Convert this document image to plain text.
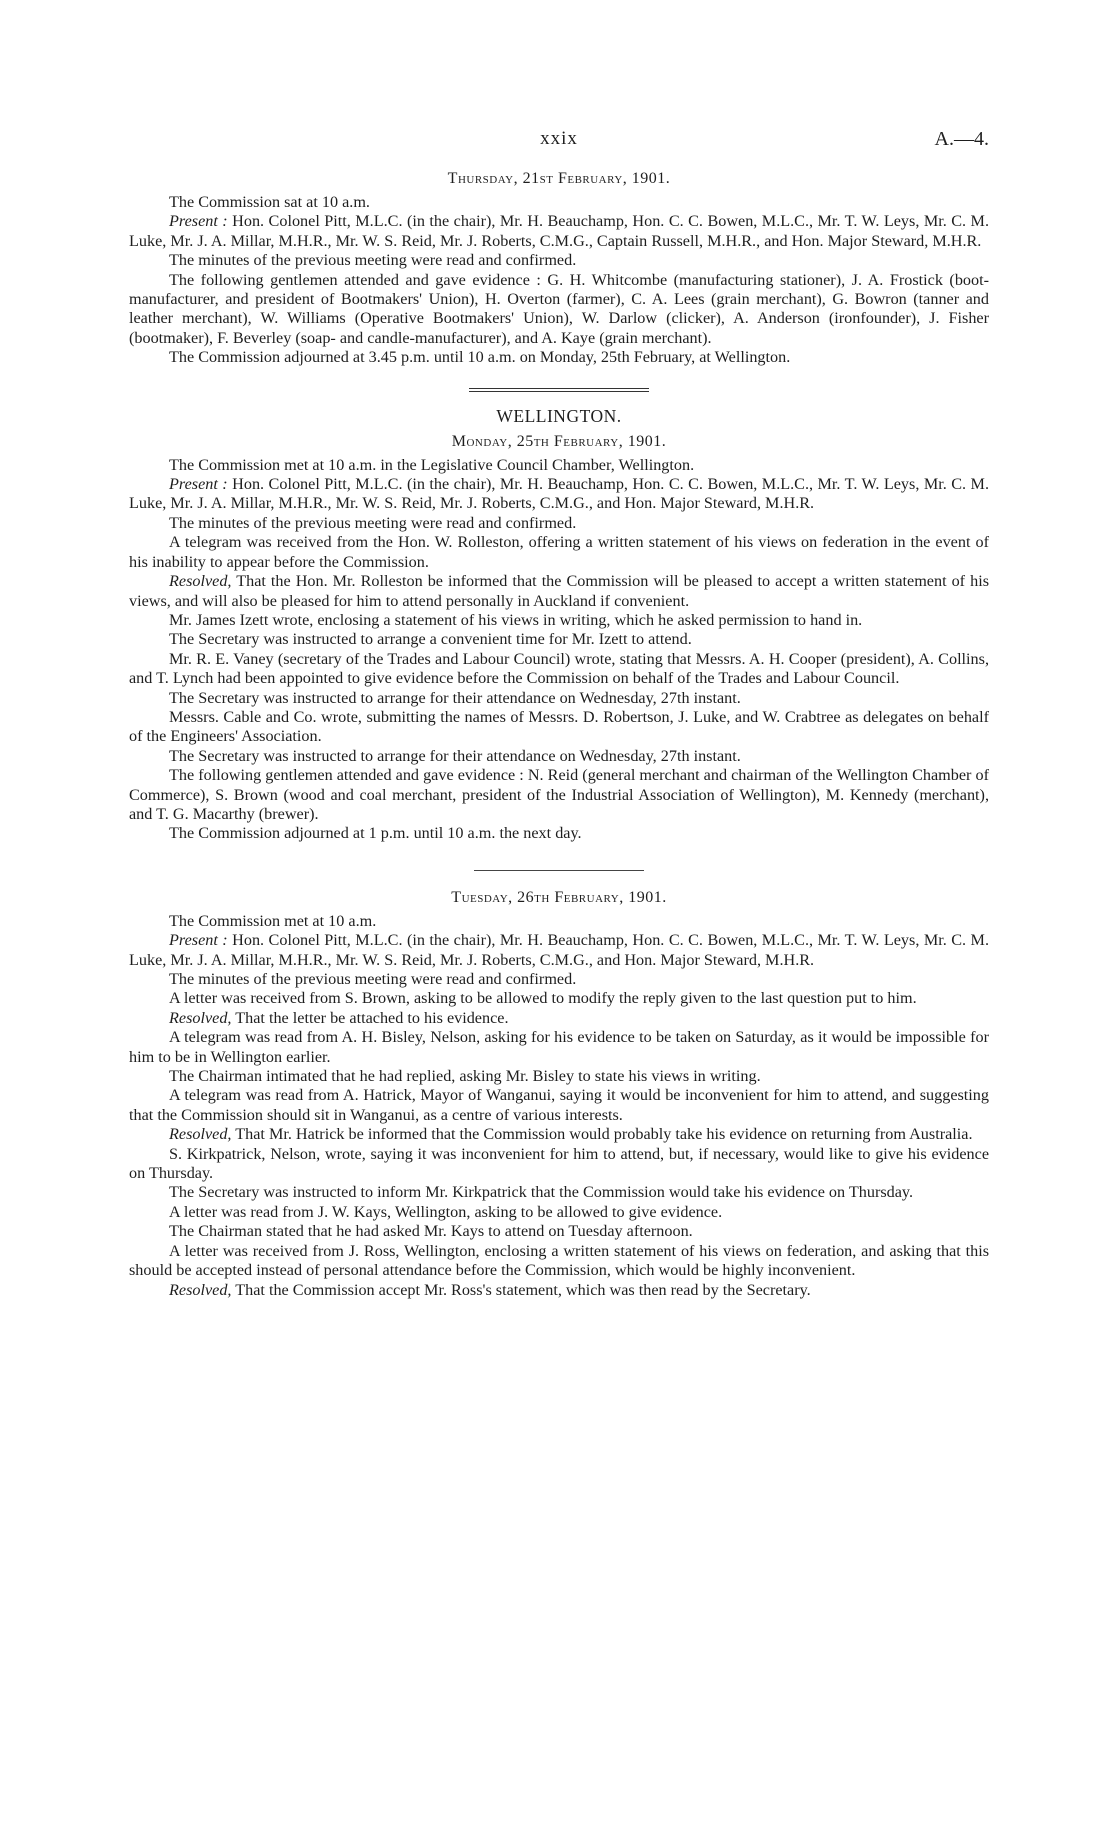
xxix	A.—4.
Thursday, 21st February, 1901.

The Commission sat at 10 a.m.

Present : Hon. Colonel Pitt, M.L.C. (in the chair), Mr. H. Beauchamp, Hon. C. C. Bowen, M.L.C., Mr. T. W. Leys, Mr. C. M. Luke, Mr. J. A. Millar, M.H.R., Mr. W. S. Reid, Mr. J. Roberts, C.M.G., Captain Russell, M.H.R., and Hon. Major Steward, M.H.R.

The minutes of the previous meeting were read and confirmed.

The following gentlemen attended and gave evidence : G. H. Whitcombe (manufacturing stationer), J. A. Frostick (boot-manufacturer, and president of Bootmakers' Union), H. Overton (farmer), C. A. Lees (grain merchant), G. Bowron (tanner and leather merchant), W. Williams (Operative Bootmakers' Union), W. Darlow (clicker), A. Anderson (ironfounder), J. Fisher (bootmaker), F. Beverley (soap- and candle-manufacturer), and A. Kaye (grain merchant).

The Commission adjourned at 3.45 p.m. until 10 a.m. on Monday, 25th February, at Wellington.

WELLINGTON.
Monday, 25th February, 1901.

The Commission met at 10 a.m. in the Legislative Council Chamber, Wellington.

Present : Hon. Colonel Pitt, M.L.C. (in the chair), Mr. H. Beauchamp, Hon. C. C. Bowen, M.L.C., Mr. T. W. Leys, Mr. C. M. Luke, Mr. J. A. Millar, M.H.R., Mr. W. S. Reid, Mr. J. Roberts, C.M.G., and Hon. Major Steward, M.H.R.

The minutes of the previous meeting were read and confirmed.

A telegram was received from the Hon. W. Rolleston, offering a written statement of his views on federation in the event of his inability to appear before the Commission.

Resolved, That the Hon. Mr. Rolleston be informed that the Commission will be pleased to accept a written statement of his views, and will also be pleased for him to attend personally in Auckland if convenient.

Mr. James Izett wrote, enclosing a statement of his views in writing, which he asked permission to hand in.

The Secretary was instructed to arrange a convenient time for Mr. Izett to attend.

Mr. R. E. Vaney (secretary of the Trades and Labour Council) wrote, stating that Messrs. A. H. Cooper (president), A. Collins, and T. Lynch had been appointed to give evidence before the Commission on behalf of the Trades and Labour Council.

The Secretary was instructed to arrange for their attendance on Wednesday, 27th instant.

Messrs. Cable and Co. wrote, submitting the names of Messrs. D. Robertson, J. Luke, and W. Crabtree as delegates on behalf of the Engineers' Association.

The Secretary was instructed to arrange for their attendance on Wednesday, 27th instant.

The following gentlemen attended and gave evidence : N. Reid (general merchant and chairman of the Wellington Chamber of Commerce), S. Brown (wood and coal merchant, president of the Industrial Association of Wellington), M. Kennedy (merchant), and T. G. Macarthy (brewer).

The Commission adjourned at 1 p.m. until 10 a.m. the next day.

Tuesday, 26th February, 1901.

The Commission met at 10 a.m.

Present : Hon. Colonel Pitt, M.L.C. (in the chair), Mr. H. Beauchamp, Hon. C. C. Bowen, M.L.C., Mr. T. W. Leys, Mr. C. M. Luke, Mr. J. A. Millar, M.H.R., Mr. W. S. Reid, Mr. J. Roberts, C.M.G., and Hon. Major Steward, M.H.R.

The minutes of the previous meeting were read and confirmed.

A letter was received from S. Brown, asking to be allowed to modify the reply given to the last question put to him.

Resolved, That the letter be attached to his evidence.

A telegram was read from A. H. Bisley, Nelson, asking for his evidence to be taken on Saturday, as it would be impossible for him to be in Wellington earlier.

The Chairman intimated that he had replied, asking Mr. Bisley to state his views in writing.

A telegram was read from A. Hatrick, Mayor of Wanganui, saying it would be inconvenient for him to attend, and suggesting that the Commission should sit in Wanganui, as a centre of various interests.

Resolved, That Mr. Hatrick be informed that the Commission would probably take his evidence on returning from Australia.

S. Kirkpatrick, Nelson, wrote, saying it was inconvenient for him to attend, but, if necessary, would like to give his evidence on Thursday.

The Secretary was instructed to inform Mr. Kirkpatrick that the Commission would take his evidence on Thursday.

A letter was read from J. W. Kays, Wellington, asking to be allowed to give evidence.

The Chairman stated that he had asked Mr. Kays to attend on Tuesday afternoon.

A letter was received from J. Ross, Wellington, enclosing a written statement of his views on federation, and asking that this should be accepted instead of personal attendance before the Commission, which would be highly inconvenient.

Resolved, That the Commission accept Mr. Ross's statement, which was then read by the Secretary.
